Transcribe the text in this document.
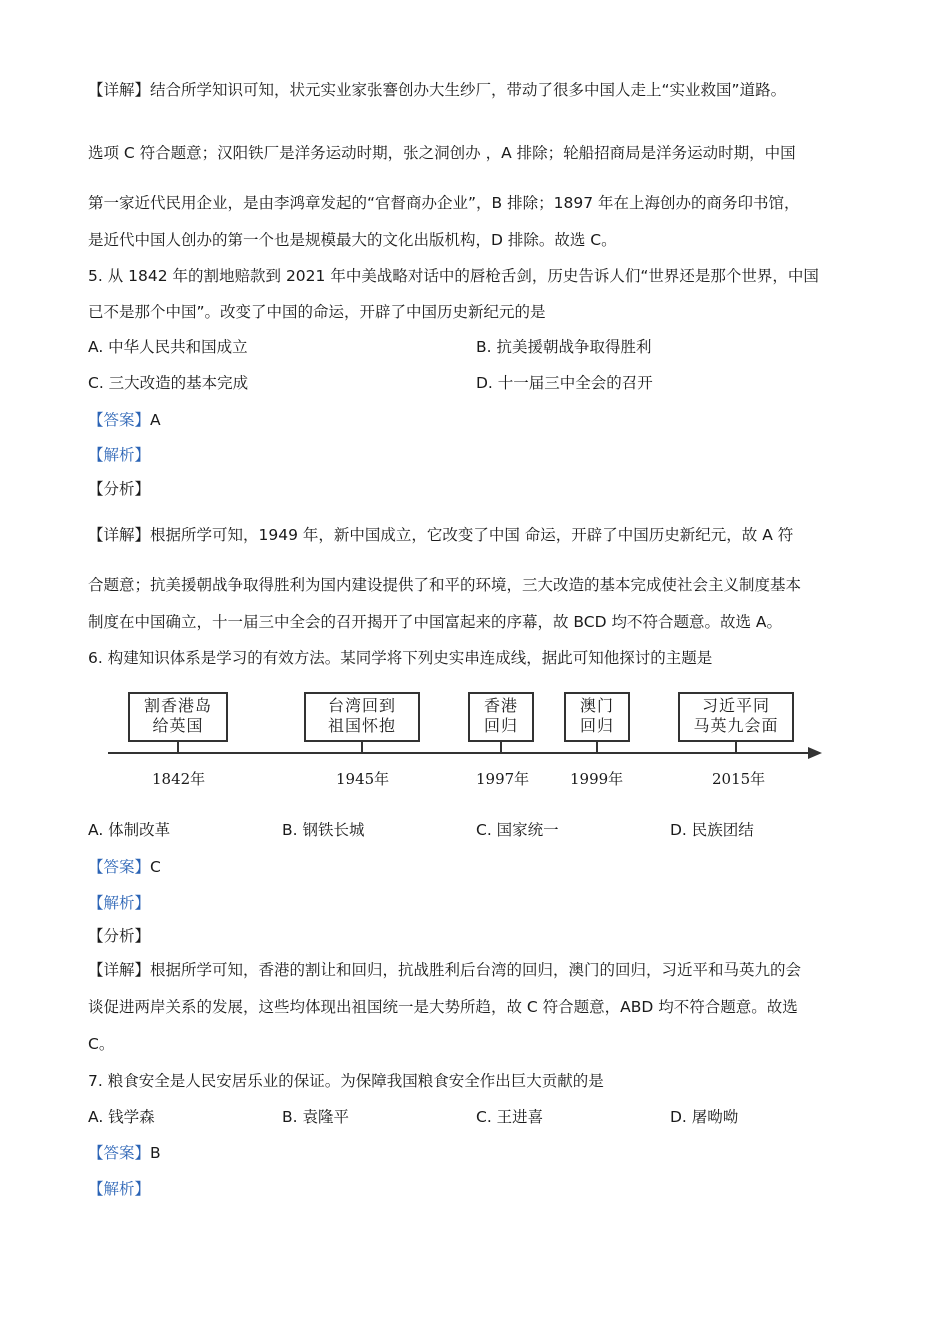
【详解】结合所学知识可知，状元实业家张謇创办大生纱厂，带动了很多中国人走上“实业救国”道路。
选项 C 符合题意；汉阳铁厂是洋务运动时期，张之洞创办 ，A 排除；轮船招商局是洋务运动时期，中国
第一家近代民用企业，是由李鸿章发起的“官督商办企业”，B 排除；1897 年在上海创办的商务印书馆，
是近代中国人创办的第一个也是规模最大的文化出版机构，D 排除。故选 C。
5. 从 1842 年的割地赔款到 2021 年中美战略对话中的唇枪舌剑，历史告诉人们“世界还是那个世界，中国
已不是那个中国”。改变了中国的命运，开辟了中国历史新纪元的是
A. 中华人民共和国成立	B. 抗美援朝战争取得胜利
C. 三大改造的基本完成	D. 十一届三中全会的召开
【答案】A
【解析】
【分析】
【详解】根据所学可知，1949 年，新中国成立，它改变了中国 命运，开辟了中国历史新纪元，故 A 符
合题意；抗美援朝战争取得胜利为国内建设提供了和平的环境，三大改造的基本完成使社会主义制度基本
制度在中国确立，十一届三中全会的召开揭开了中国富起来的序幕，故 BCD 均不符合题意。故选 A。
6. 构建知识体系是学习的有效方法。某同学将下列史实串连成线，据此可知他探讨的主题是
割香港岛
给英国
1842年
台湾回到
祖国怀抱
1945年
香港
回归
1997年
澳门
回归
1999年
习近平同
马英九会面
2015年
A. 体制改革	B. 钢铁长城	C. 国家统一	D. 民族团结
【答案】C
【解析】
【分析】
【详解】根据所学可知，香港的割让和回归，抗战胜利后台湾的回归，澳门的回归，习近平和马英九的会
谈促进两岸关系的发展，这些均体现出祖国统一是大势所趋，故 C 符合题意，ABD 均不符合题意。故选
C。
7. 粮食安全是人民安居乐业的保证。为保障我国粮食安全作出巨大贡献的是
A. 钱学森	B. 袁隆平	C. 王进喜	D. 屠呦呦
【答案】B
【解析】
